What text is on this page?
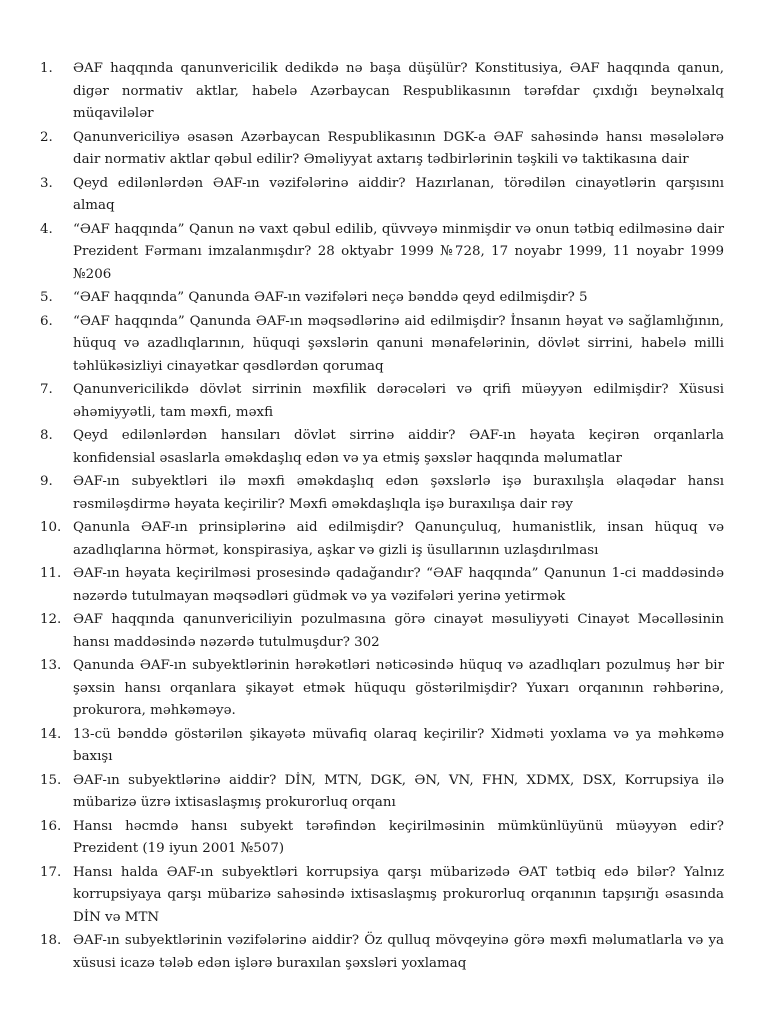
1.	ƏAF haqqında qanunvericilik dedikdə nə başa düşülür? Konstitusiya, ƏAF haqqında qanun, digər normativ aktlar, habelə Azərbaycan Respublikasının tərəfdar çıxdığı beynəlxalq müqavilələr
2.	Qanunvericiliyə əsasən Azərbaycan Respublikasının DGK-a ƏAF sahəsində hansı məsələlərə dair normativ aktlar qəbul edilir? Əməliyyat axtarış tədbirlərinin təşkili və taktikasına dair
3.	Qeyd edilənlərdən ƏAF-ın vəzifələrinə aiddir? Hazırlanan, törədilən cinayətlərin qarşısını almaq
4.	“ƏAF haqqında” Qanun nə vaxt qəbul edilib, qüvvəyə minmişdir və onun tətbiq edilməsinə dair Prezident Fərmanı imzalanmışdır? 28 oktyabr 1999 №728, 17 noyabr 1999, 11 noyabr 1999 №206
5.	“ƏAF haqqında” Qanunda ƏAF-ın vəzifələri neçə bənddə qeyd edilmişdir? 5
6.	“ƏAF haqqında” Qanunda ƏAF-ın məqsədlərinə aid edilmişdir? İnsanın həyat və sağlamlığının, hüquq və azadlıqlarının, hüquqi şəxslərin qanuni mənafelərinin, dövlət sirrini, habelə milli təhlükəsizliyi cinayətkar qəsdlərdən qorumaq
7.	Qanunvericilikdə dövlət sirrinin məxfilik dərəcələri və qrifi müəyyən edilmişdir? Xüsusi əhəmiyyətli, tam məxfi, məxfi
8.	Qeyd edilənlərdən hansıları dövlət sirrinə aiddir? ƏAF-ın həyata keçirən orqanlarla konfidensial əsaslarla əməkdaşlıq edən və ya etmiş şəxslər haqqında məlumatlar
9.	ƏAF-ın subyektləri ilə məxfi əməkdaşlıq edən şəxslərlə işə buraxılışla əlaqədar hansı rəsmiləşdirmə həyata keçirilir? Məxfi əməkdaşlıqla işə buraxılışa dair rəy
10. Qanunla ƏAF-ın prinsiplərinə aid edilmişdir? Qanunçuluq, humanistlik, insan hüquq və azadlıqlarına hörmət, konspirasiya, aşkar və gizli iş üsullarının uzlaşdırılması
11. ƏAF-ın həyata keçirilməsi prosesində qadağandır? “ƏAF haqqında” Qanunun 1-ci maddəsində nəzərdə tutulmayan məqsədləri güdmək və ya vəzifələri yerinə yetirmək
12. ƏAF haqqında qanunvericiliyin pozulmasına görə cinayət məsuliyyəti Cinayət Məcəlləsinin hansı maddəsində nəzərdə tutulmuşdur? 302
13. Qanunda ƏAF-ın subyektlərinin hərəkətləri nəticəsində hüquq və azadlıqları pozulmuş hər bir şəxsin hansı orqanlara şikayət etmək hüququ göstərilmişdir? Yuxarı orqanının rəhbərinə, prokurora, məhkəməyə.
14. 13-cü bənddə göstərilən şikayətə müvafiq olaraq keçirilir? Xidməti yoxlama və ya məhkəmə baxışı
15. ƏAF-ın subyektlərinə aiddir? DİN, MTN, DGK, ƏN, VN, FHN, XDMX, DSX, Korrupsiya ilə mübarizə üzrə ixtisaslaşmış prokurorluq orqanı
16. Hansı həcmdə hansı subyekt tərəfindən keçirilməsinin mümkünlüyünü müəyyən edir? Prezident (19 iyun 2001 №507)
17. Hansı halda ƏAF-ın subyektləri korrupsiya qarşı mübarizədə ƏAT tətbiq edə bilər? Yalnız korrupsiyaya qarşı mübarizə sahəsində ixtisaslaşmış prokurorluq orqanının tapşırığı əsasında DİN və MTN
18. ƏAF-ın subyektlərinin vəzifələrinə aiddir? Öz qulluq mövqeyinə görə məxfi məlumatlarla və ya xüsusi icazə tələb edən işlərə buraxılan şəxsləri yoxlamaq
